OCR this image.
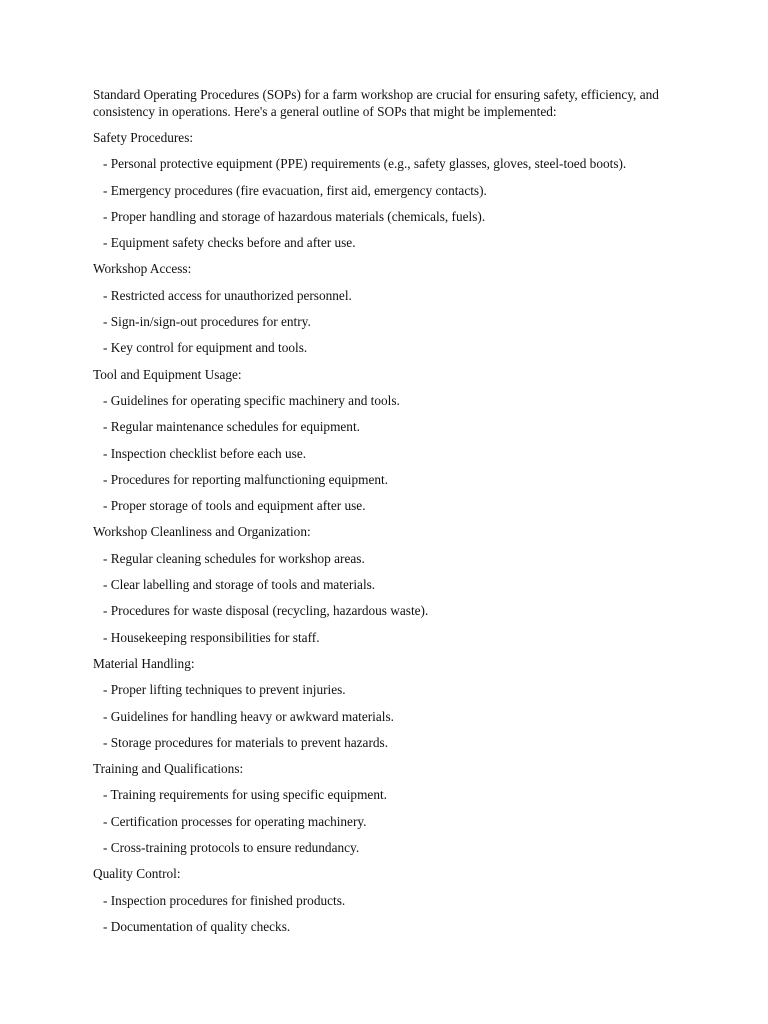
Standard Operating Procedures (SOPs) for a farm workshop are crucial for ensuring safety, efficiency, and consistency in operations. Here's a general outline of SOPs that might be implemented:

Safety Procedures:
- Personal protective equipment (PPE) requirements (e.g., safety glasses, gloves, steel-toed boots).
- Emergency procedures (fire evacuation, first aid, emergency contacts).
- Proper handling and storage of hazardous materials (chemicals, fuels).
- Equipment safety checks before and after use.
Workshop Access:
- Restricted access for unauthorized personnel.
- Sign-in/sign-out procedures for entry.
- Key control for equipment and tools.
Tool and Equipment Usage:
- Guidelines for operating specific machinery and tools.
- Regular maintenance schedules for equipment.
- Inspection checklist before each use.
- Procedures for reporting malfunctioning equipment.
- Proper storage of tools and equipment after use.
Workshop Cleanliness and Organization:
- Regular cleaning schedules for workshop areas.
- Clear labelling and storage of tools and materials.
- Procedures for waste disposal (recycling, hazardous waste).
- Housekeeping responsibilities for staff.
Material Handling:
- Proper lifting techniques to prevent injuries.
- Guidelines for handling heavy or awkward materials.
- Storage procedures for materials to prevent hazards.
Training and Qualifications:
- Training requirements for using specific equipment.
- Certification processes for operating machinery.
- Cross-training protocols to ensure redundancy.
Quality Control:
- Inspection procedures for finished products.
- Documentation of quality checks.
